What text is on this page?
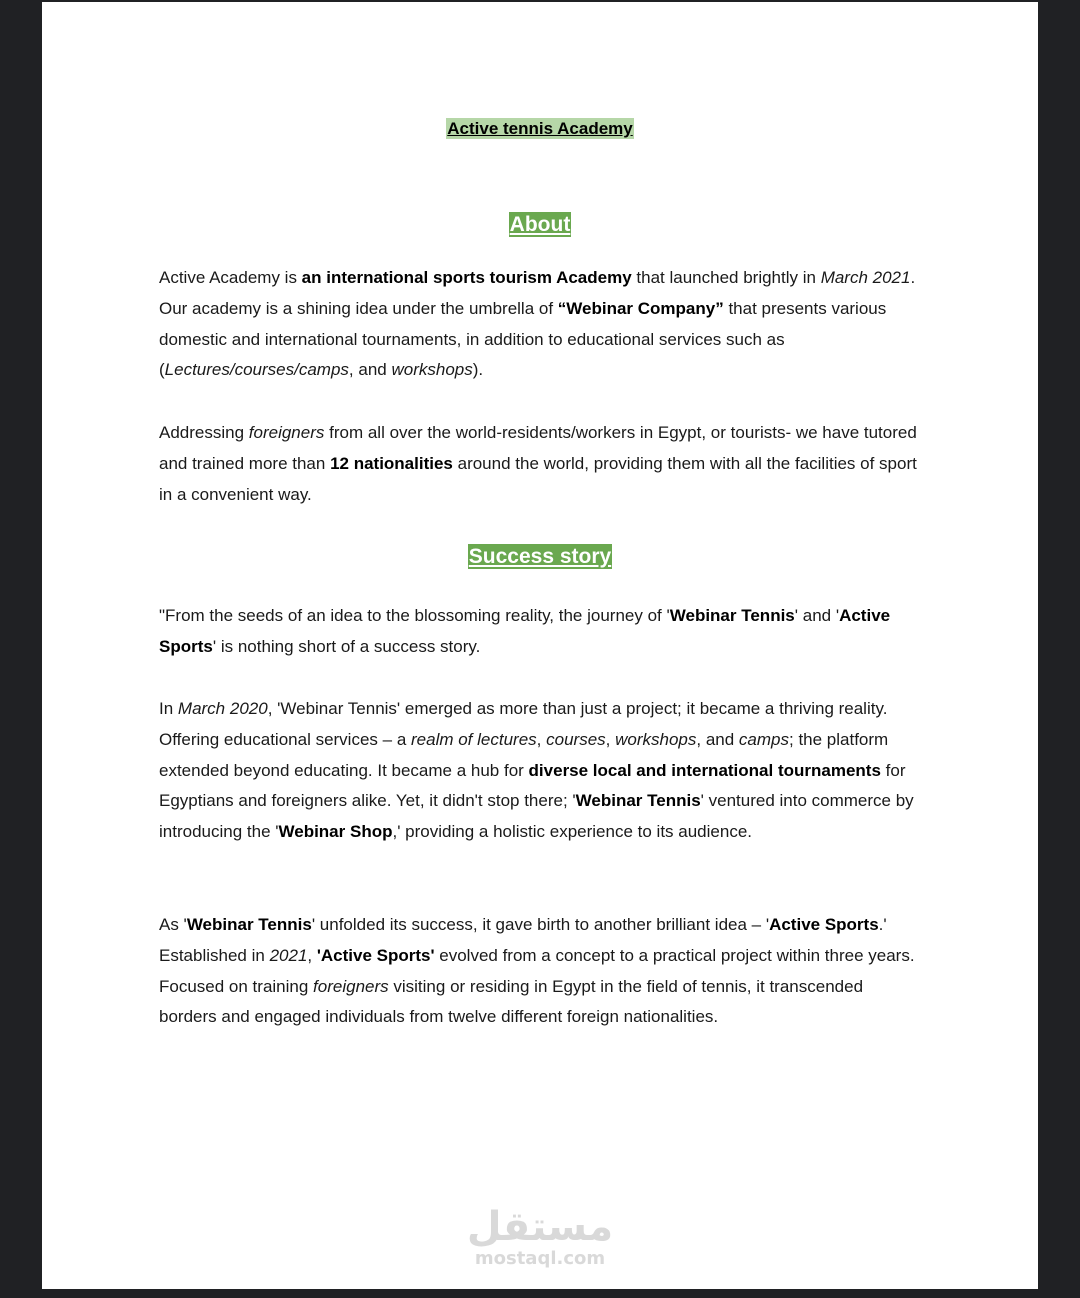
Active tennis Academy
About

Active Academy is an international sports tourism Academy that launched brightly in March 2021. Our academy is a shining idea under the umbrella of “Webinar Company” that presents various domestic and international tournaments, in addition to educational services such as (Lectures/courses/camps, and workshops).

Addressing foreigners from all over the world-residents/workers in Egypt, or tourists- we have tutored and trained more than 12 nationalities around the world, providing them with all the facilities of sport in a convenient way.

Success story

"From the seeds of an idea to the blossoming reality, the journey of 'Webinar Tennis' and 'Active Sports' is nothing short of a success story.

In March 2020, 'Webinar Tennis' emerged as more than just a project; it became a thriving reality. Offering educational services – a realm of lectures, courses, workshops, and camps; the platform extended beyond educating. It became a hub for diverse local and international tournaments for Egyptians and foreigners alike. Yet, it didn't stop there; 'Webinar Tennis' ventured into commerce by introducing the 'Webinar Shop,' providing a holistic experience to its audience.

As 'Webinar Tennis' unfolded its success, it gave birth to another brilliant idea – 'Active Sports.' Established in 2021, 'Active Sports' evolved from a concept to a practical project within three years. Focused on training foreigners visiting or residing in Egypt in the field of tennis, it transcended borders and engaged individuals from twelve different foreign nationalities.

مستقل
mostaql.com
